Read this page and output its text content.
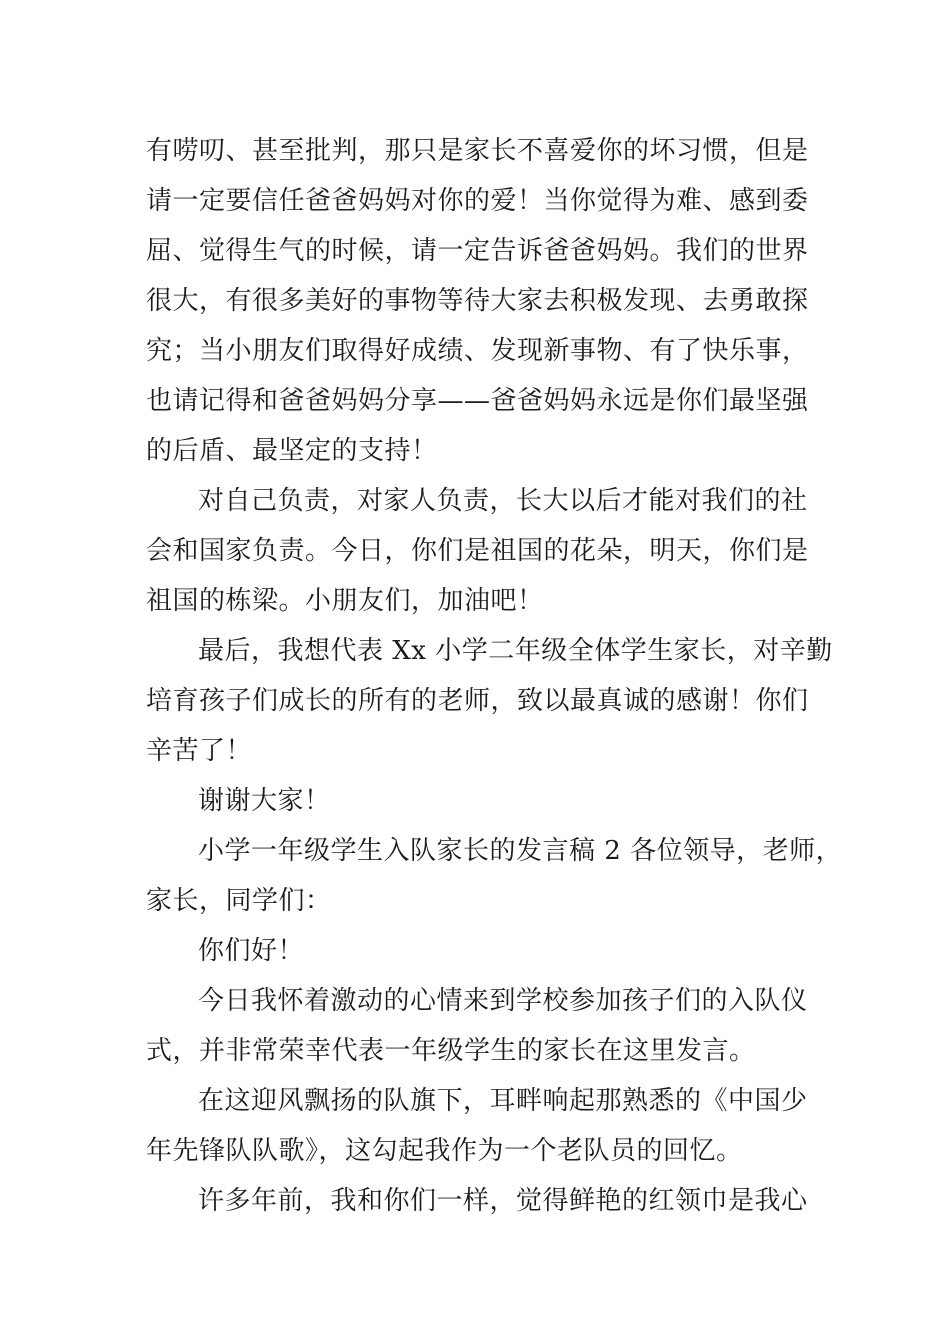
有唠叨、甚至批判，那只是家长不喜爱你的坏习惯，但是
请一定要信任爸爸妈妈对你的爱！当你觉得为难、感到委
屈、觉得生气的时候，请一定告诉爸爸妈妈。我们的世界
很大，有很多美好的事物等待大家去积极发现、去勇敢探
究；当小朋友们取得好成绩、发现新事物、有了快乐事，
也请记得和爸爸妈妈分享——爸爸妈妈永远是你们最坚强
的后盾、最坚定的支持！
对自己负责，对家人负责，长大以后才能对我们的社
会和国家负责。今日，你们是祖国的花朵，明天，你们是
祖国的栋梁。小朋友们，加油吧！
最后，我想代表 Xx 小学二年级全体学生家长，对辛勤
培育孩子们成长的所有的老师，致以最真诚的感谢！你们
辛苦了！
谢谢大家！
小学一年级学生入队家长的发言稿 2 各位领导，老师，
家长，同学们：
你们好！
今日我怀着激动的心情来到学校参加孩子们的入队仪
式，并非常荣幸代表一年级学生的家长在这里发言。
在这迎风飘扬的队旗下，耳畔响起那熟悉的《中国少
年先锋队队歌》，这勾起我作为一个老队员的回忆。
许多年前，我和你们一样，觉得鲜艳的红领巾是我心
